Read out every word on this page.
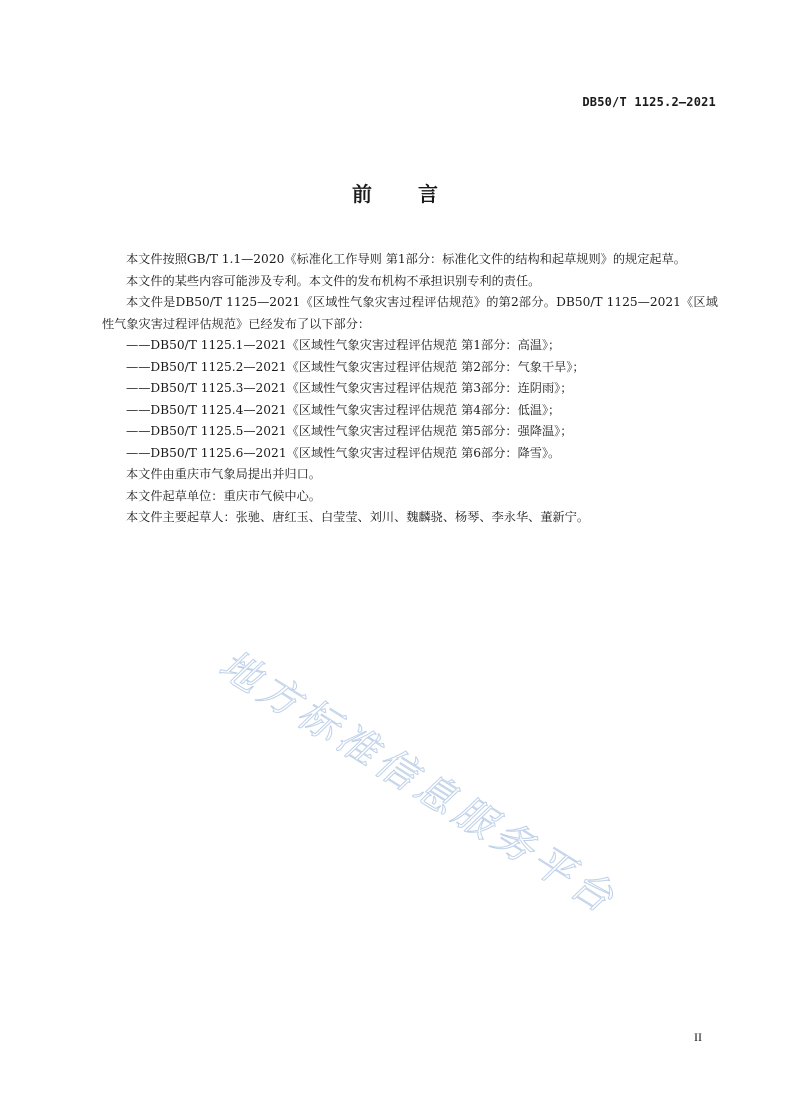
DB50/T 1125.2—2021
前 言

本文件按照GB/T 1.1—2020《标准化工作导则 第1部分：标准化文件的结构和起草规则》的规定起草。

本文件的某些内容可能涉及专利。本文件的发布机构不承担识别专利的责任。

本文件是DB50/T 1125—2021《区域性气象灾害过程评估规范》的第2部分。DB50/T 1125—2021《区域性气象灾害过程评估规范》已经发布了以下部分：

——DB50/T 1125.1—2021《区域性气象灾害过程评估规范 第1部分：高温》；

——DB50/T 1125.2—2021《区域性气象灾害过程评估规范 第2部分：气象干旱》；

——DB50/T 1125.3—2021《区域性气象灾害过程评估规范 第3部分：连阴雨》；

——DB50/T 1125.4—2021《区域性气象灾害过程评估规范 第4部分：低温》；

——DB50/T 1125.5—2021《区域性气象灾害过程评估规范 第5部分：强降温》；

——DB50/T 1125.6—2021《区域性气象灾害过程评估规范 第6部分：降雪》。

本文件由重庆市气象局提出并归口。

本文件起草单位：重庆市气候中心。

本文件主要起草人：张驰、唐红玉、白莹莹、刘川、魏麟骁、杨琴、李永华、董新宁。

地方标准信息服务平台
II
